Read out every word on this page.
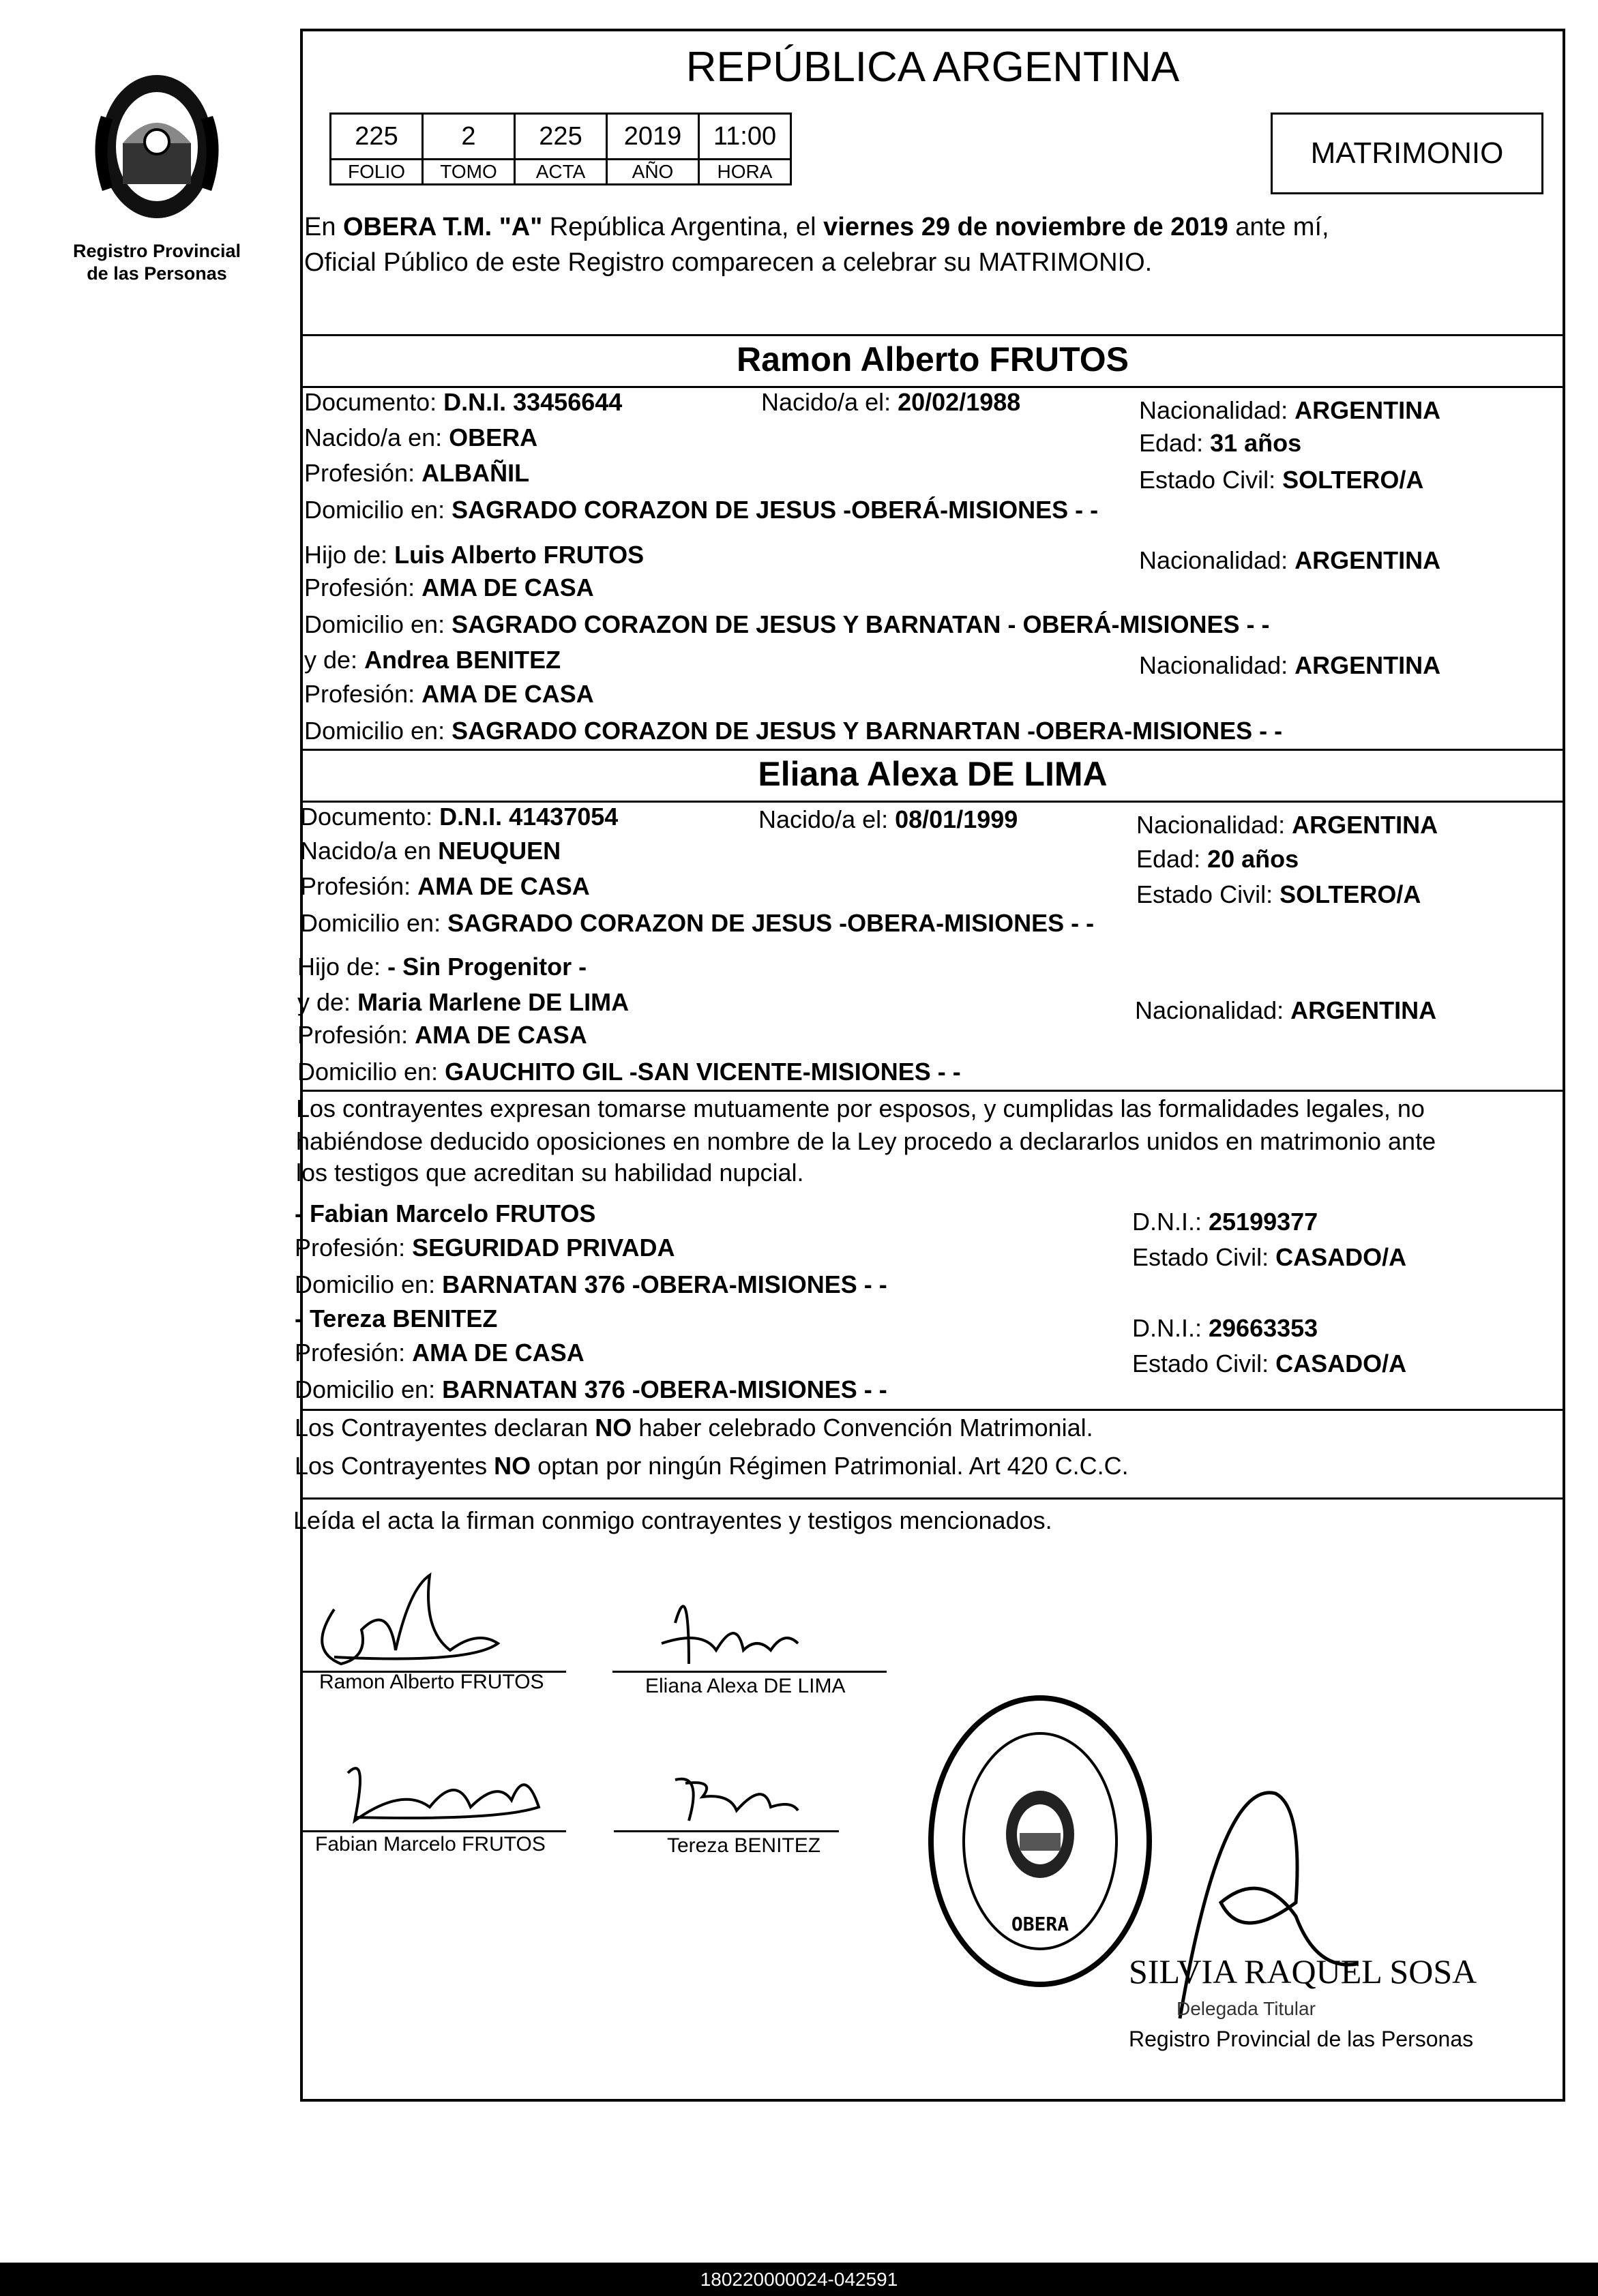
Registro Provincial
de las Personas
REPÚBLICA ARGENTINA
225	2	225	2019	11:00
FOLIO	TOMO	ACTA	AÑO	HORA
MATRIMONIO
En OBERA T.M. "A" República Argentina, el viernes 29 de noviembre de 2019 ante mí,
Oficial Público de este Registro comparecen a celebrar su MATRIMONIO.
Ramon Alberto FRUTOS
Documento: D.N.I. 33456644	Nacido/a el: 20/02/1988	Nacionalidad: ARGENTINA
Nacido/a en: OBERA	Edad: 31 años
Profesión: ALBAÑIL	Estado Civil: SOLTERO/A
Domicilio en: SAGRADO CORAZON DE JESUS -OBERÁ-MISIONES - -
Hijo de: Luis Alberto FRUTOS	Nacionalidad: ARGENTINA
Profesión: AMA DE CASA
Domicilio en: SAGRADO CORAZON DE JESUS Y BARNATAN - OBERÁ-MISIONES - -
y de: Andrea BENITEZ	Nacionalidad: ARGENTINA
Profesión: AMA DE CASA
Domicilio en: SAGRADO CORAZON DE JESUS Y BARNARTAN -OBERA-MISIONES - -
Eliana Alexa DE LIMA
Documento: D.N.I. 41437054	Nacido/a el: 08/01/1999	Nacionalidad: ARGENTINA
Nacido/a en NEUQUEN	Edad: 20 años
Profesión: AMA DE CASA	Estado Civil: SOLTERO/A
Domicilio en: SAGRADO CORAZON DE JESUS -OBERA-MISIONES - -
Hijo de: - Sin Progenitor -
y de: Maria Marlene DE LIMA	Nacionalidad: ARGENTINA
Profesión: AMA DE CASA
Domicilio en: GAUCHITO GIL -SAN VICENTE-MISIONES - -
Los contrayentes expresan tomarse mutuamente por esposos, y cumplidas las formalidades legales, no
habiéndose deducido oposiciones en nombre de la Ley procedo a declararlos unidos en matrimonio ante
los testigos que acreditan su habilidad nupcial.
- Fabian Marcelo FRUTOS	D.N.I.: 25199377
Profesión: SEGURIDAD PRIVADA	Estado Civil: CASADO/A
Domicilio en: BARNATAN 376 -OBERA-MISIONES - -
- Tereza BENITEZ	D.N.I.: 29663353
Profesión: AMA DE CASA	Estado Civil: CASADO/A
Domicilio en: BARNATAN 376 -OBERA-MISIONES - -
Los Contrayentes declaran NO haber celebrado Convención Matrimonial.
Los Contrayentes NO optan por ningún Régimen Patrimonial. Art 420 C.C.C.
Leída el acta la firman conmigo contrayentes y testigos mencionados.
Ramon Alberto FRUTOS	Eliana Alexa DE LIMA
Fabian Marcelo FRUTOS	Tereza BENITEZ
OBERA
SILVIA RAQUEL SOSA
Delegada Titular
Registro Provincial de las Personas
180220000024-042591
